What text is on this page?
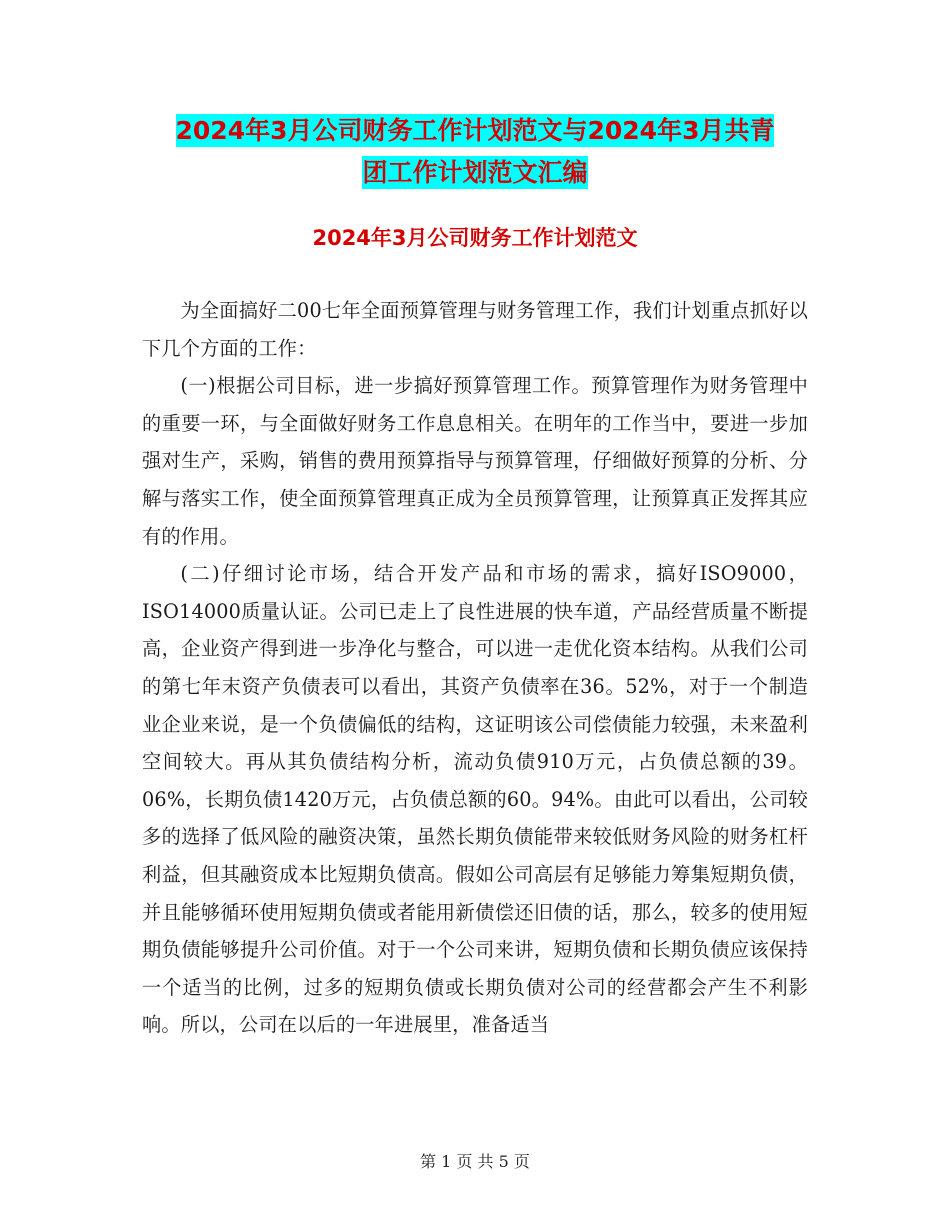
2024年3月公司财务工作计划范文与2024年3月共青
团工作计划范文汇编
2024年3月公司财务工作计划范文

为全面搞好二00七年全面预算管理与财务管理工作，我们计划重点抓好以下几个方面的工作：

(一)根据公司目标，进一步搞好预算管理工作。预算管理作为财务管理中的重要一环，与全面做好财务工作息息相关。在明年的工作当中，要进一步加强对生产，采购，销售的费用预算指导与预算管理，仔细做好预算的分析、分解与落实工作，使全面预算管理真正成为全员预算管理，让预算真正发挥其应有的作用。

(二)仔细讨论市场，结合开发产品和市场的需求，搞好ISO9000，ISO14000质量认证。公司已走上了良性进展的快车道，产品经营质量不断提高，企业资产得到进一步净化与整合，可以进一走优化资本结构。从我们公司的第七年末资产负债表可以看出，其资产负债率在36。52%，对于一个制造业企业来说，是一个负债偏低的结构，这证明该公司偿债能力较强，未来盈利空间较大。再从其负债结构分析，流动负债910万元，占负债总额的39。06%，长期负债1420万元，占负债总额的60。94%。由此可以看出，公司较多的选择了低风险的融资决策，虽然长期负债能带来较低财务风险的财务杠杆利益，但其融资成本比短期负债高。假如公司高层有足够能力筹集短期负债，并且能够循环使用短期负债或者能用新债偿还旧债的话，那么，较多的使用短期负债能够提升公司价值。对于一个公司来讲，短期负债和长期负债应该保持一个适当的比例，过多的短期负债或长期负债对公司的经营都会产生不利影响。所以，公司在以后的一年进展里，准备适当

第 1 页 共 5 页
